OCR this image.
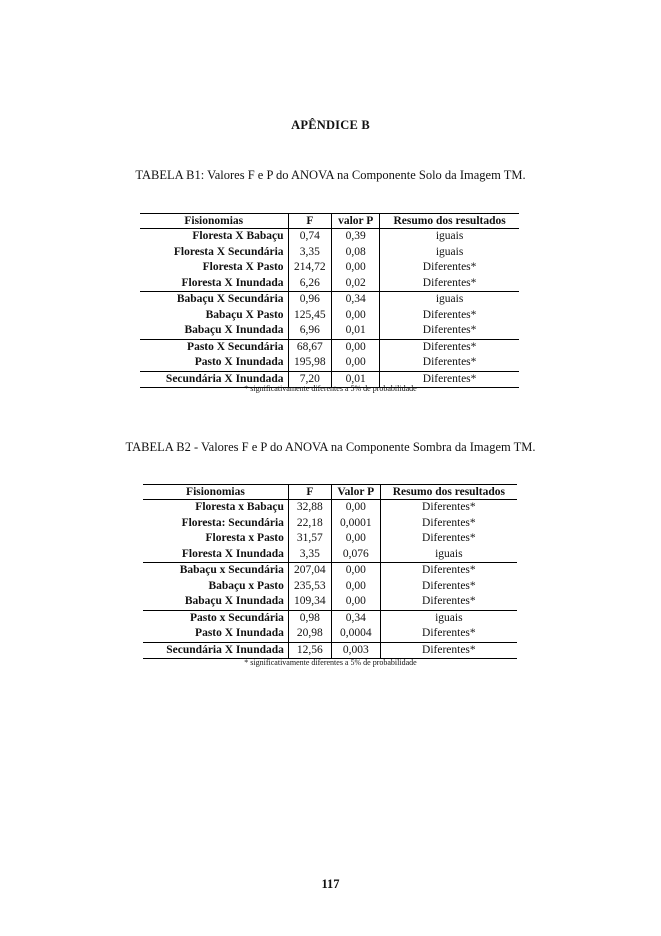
APÊNDICE B
TABELA B1: Valores F e P do ANOVA na Componente Solo da Imagem TM.
Fisionomias	F	valor P	Resumo dos resultados
Floresta X Babaçu	0,74	0,39	iguais
Floresta X Secundária	3,35	0,08	iguais
Floresta X Pasto	214,72	0,00	Diferentes*
Floresta X Inundada	6,26	0,02	Diferentes*
Babaçu X Secundária	0,96	0,34	iguais
Babaçu X Pasto	125,45	0,00	Diferentes*
Babaçu X Inundada	6,96	0,01	Diferentes*
Pasto X Secundária	68,67	0,00	Diferentes*
Pasto X Inundada	195,98	0,00	Diferentes*
Secundária X Inundada	7,20	0,01	Diferentes*
* significativamente diferentes a 5% de probabilidade
TABELA B2 - Valores F e P do ANOVA na Componente Sombra da Imagem TM.
Fisionomias	F	Valor P	Resumo dos resultados
Floresta x Babaçu	32,88	0,00	Diferentes*
Floresta: Secundária	22,18	0,0001	Diferentes*
Floresta x Pasto	31,57	0,00	Diferentes*
Floresta X Inundada	3,35	0,076	iguais
Babaçu x Secundária	207,04	0,00	Diferentes*
Babaçu x Pasto	235,53	0,00	Diferentes*
Babaçu X Inundada	109,34	0,00	Diferentes*
Pasto x Secundária	0,98	0,34	iguais
Pasto X Inundada	20,98	0,0004	Diferentes*
Secundária X Inundada	12,56	0,003	Diferentes*
* significativamente diferentes a 5% de probabilidade
117
